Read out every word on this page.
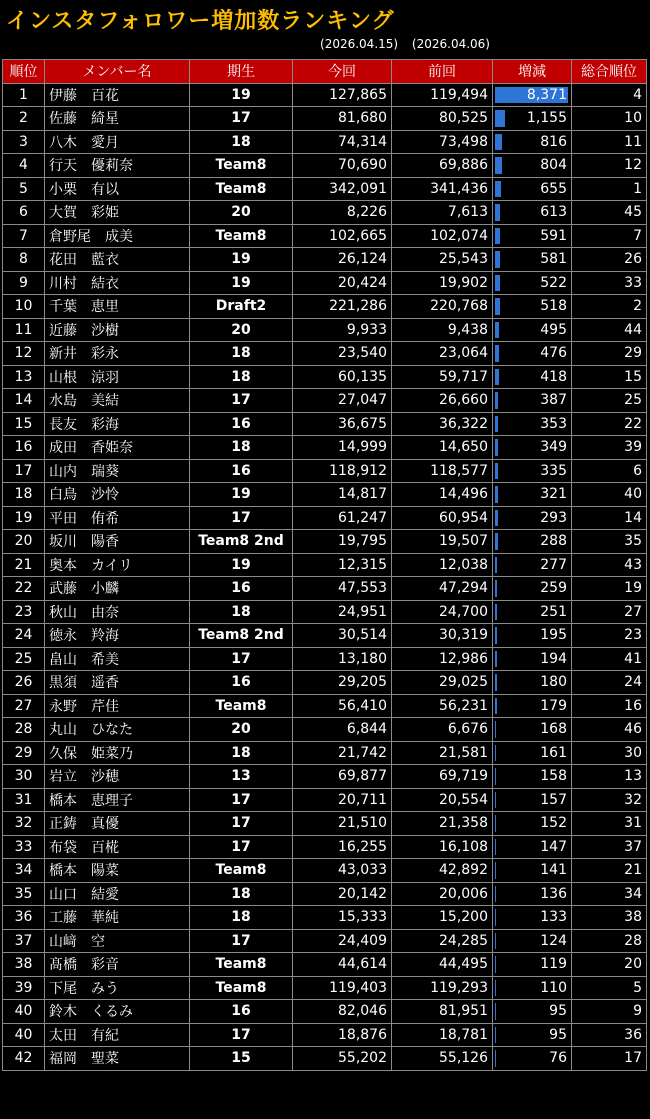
インスタフォロワー増加数ランキング
(2026.04.15) (2026.04.06)
順位	メンバー名	期生	今回	前回	増減	総合順位
1	伊藤　百花	19	127,865	119,494	8,371	4
2	佐藤　綺星	17	81,680	80,525	1,155	10
3	八木　愛月	18	74,314	73,498	816	11
4	行天　優莉奈	Team8	70,690	69,886	804	12
5	小栗　有以	Team8	342,091	341,436	655	1
6	大賀　彩姫	20	8,226	7,613	613	45
7	倉野尾　成美	Team8	102,665	102,074	591	7
8	花田　藍衣	19	26,124	25,543	581	26
9	川村　結衣	19	20,424	19,902	522	33
10	千葉　恵里	Draft2	221,286	220,768	518	2
11	近藤　沙樹	20	9,933	9,438	495	44
12	新井　彩永	18	23,540	23,064	476	29
13	山根　涼羽	18	60,135	59,717	418	15
14	水島　美結	17	27,047	26,660	387	25
15	長友　彩海	16	36,675	36,322	353	22
16	成田　香姫奈	18	14,999	14,650	349	39
17	山内　瑞葵	16	118,912	118,577	335	6
18	白鳥　沙怜	19	14,817	14,496	321	40
19	平田　侑希	17	61,247	60,954	293	14
20	坂川　陽香	Team8 2nd	19,795	19,507	288	35
21	奥本　カイリ	19	12,315	12,038	277	43
22	武藤　小麟	16	47,553	47,294	259	19
23	秋山　由奈	18	24,951	24,700	251	27
24	徳永　羚海	Team8 2nd	30,514	30,319	195	23
25	畠山　希美	17	13,180	12,986	194	41
26	黒須　遥香	16	29,205	29,025	180	24
27	永野　芹佳	Team8	56,410	56,231	179	16
28	丸山　ひなた	20	6,844	6,676	168	46
29	久保　姫菜乃	18	21,742	21,581	161	30
30	岩立　沙穂	13	69,877	69,719	158	13
31	橋本　恵理子	17	20,711	20,554	157	32
32	正鋳　真優	17	21,510	21,358	152	31
33	布袋　百椛	17	16,255	16,108	147	37
34	橋本　陽菜	Team8	43,033	42,892	141	21
35	山口　結愛	18	20,142	20,006	136	34
36	工藤　華純	18	15,333	15,200	133	38
37	山﨑　空	17	24,409	24,285	124	28
38	髙橋　彩音	Team8	44,614	44,495	119	20
39	下尾　みう	Team8	119,403	119,293	110	5
40	鈴木　くるみ	16	82,046	81,951	95	9
40	太田　有紀	17	18,876	18,781	95	36
42	福岡　聖菜	15	55,202	55,126	76	17
